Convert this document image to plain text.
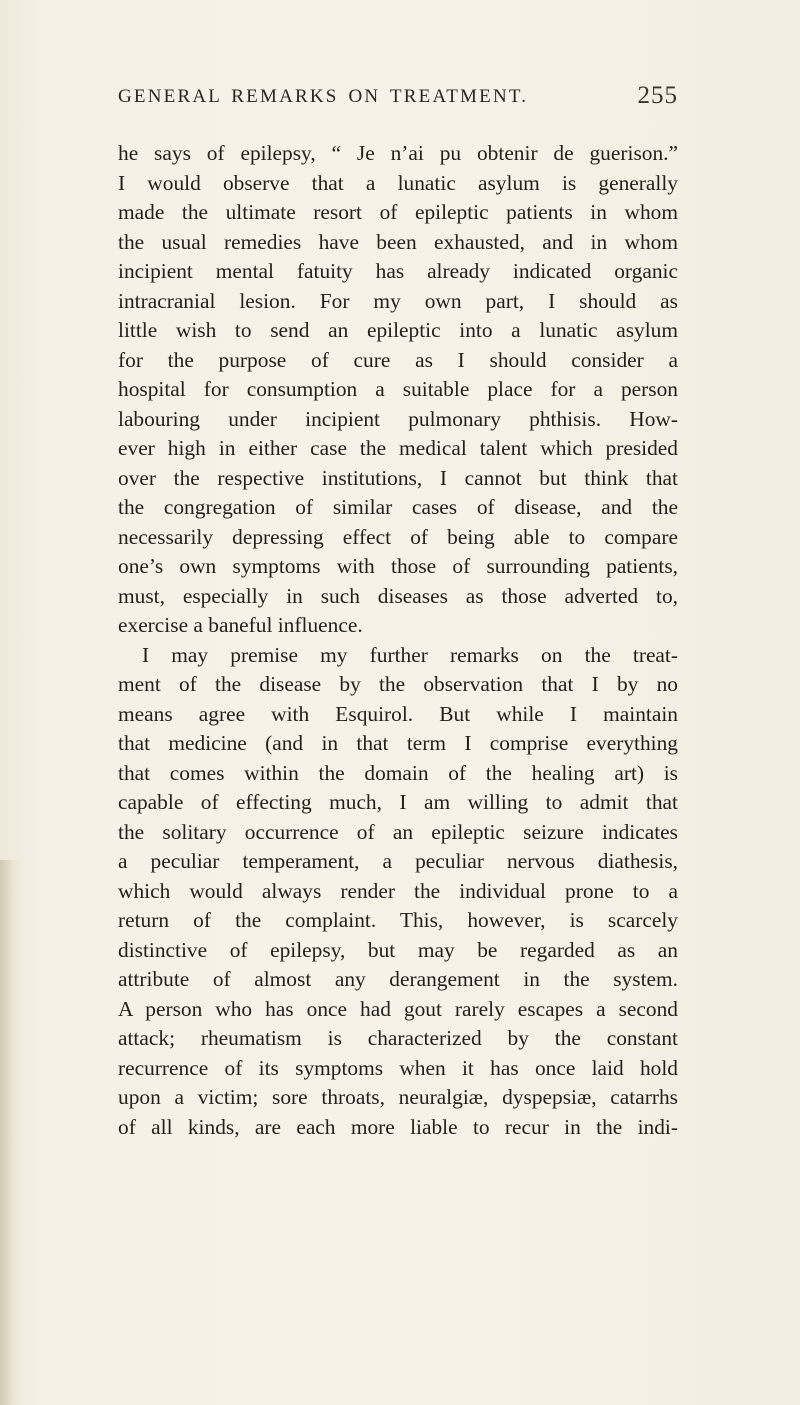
GENERAL REMARKS ON TREATMENT.	255
he says of epilepsy, “ Je n’ai pu obtenir de guerison.”
I would observe that a lunatic asylum is generally
made the ultimate resort of epileptic patients in whom
the usual remedies have been exhausted, and in whom
incipient mental fatuity has already indicated organic
intracranial lesion. For my own part, I should as
little wish to send an epileptic into a lunatic asylum
for the purpose of cure as I should consider a
hospital for consumption a suitable place for a person
labouring under incipient pulmonary phthisis. How-
ever high in either case the medical talent which presided
over the respective institutions, I cannot but think that
the congregation of similar cases of disease, and the
necessarily depressing effect of being able to compare
one’s own symptoms with those of surrounding patients,
must, especially in such diseases as those adverted to,
exercise a baneful influence.
I may premise my further remarks on the treat-
ment of the disease by the observation that I by no
means agree with Esquirol. But while I maintain
that medicine (and in that term I comprise everything
that comes within the domain of the healing art) is
capable of effecting much, I am willing to admit that
the solitary occurrence of an epileptic seizure indicates
a peculiar temperament, a peculiar nervous diathesis,
which would always render the individual prone to a
return of the complaint. This, however, is scarcely
distinctive of epilepsy, but may be regarded as an
attribute of almost any derangement in the system.
A person who has once had gout rarely escapes a second
attack; rheumatism is characterized by the constant
recurrence of its symptoms when it has once laid hold
upon a victim; sore throats, neuralgiæ, dyspepsiæ, catarrhs
of all kinds, are each more liable to recur in the indi-
